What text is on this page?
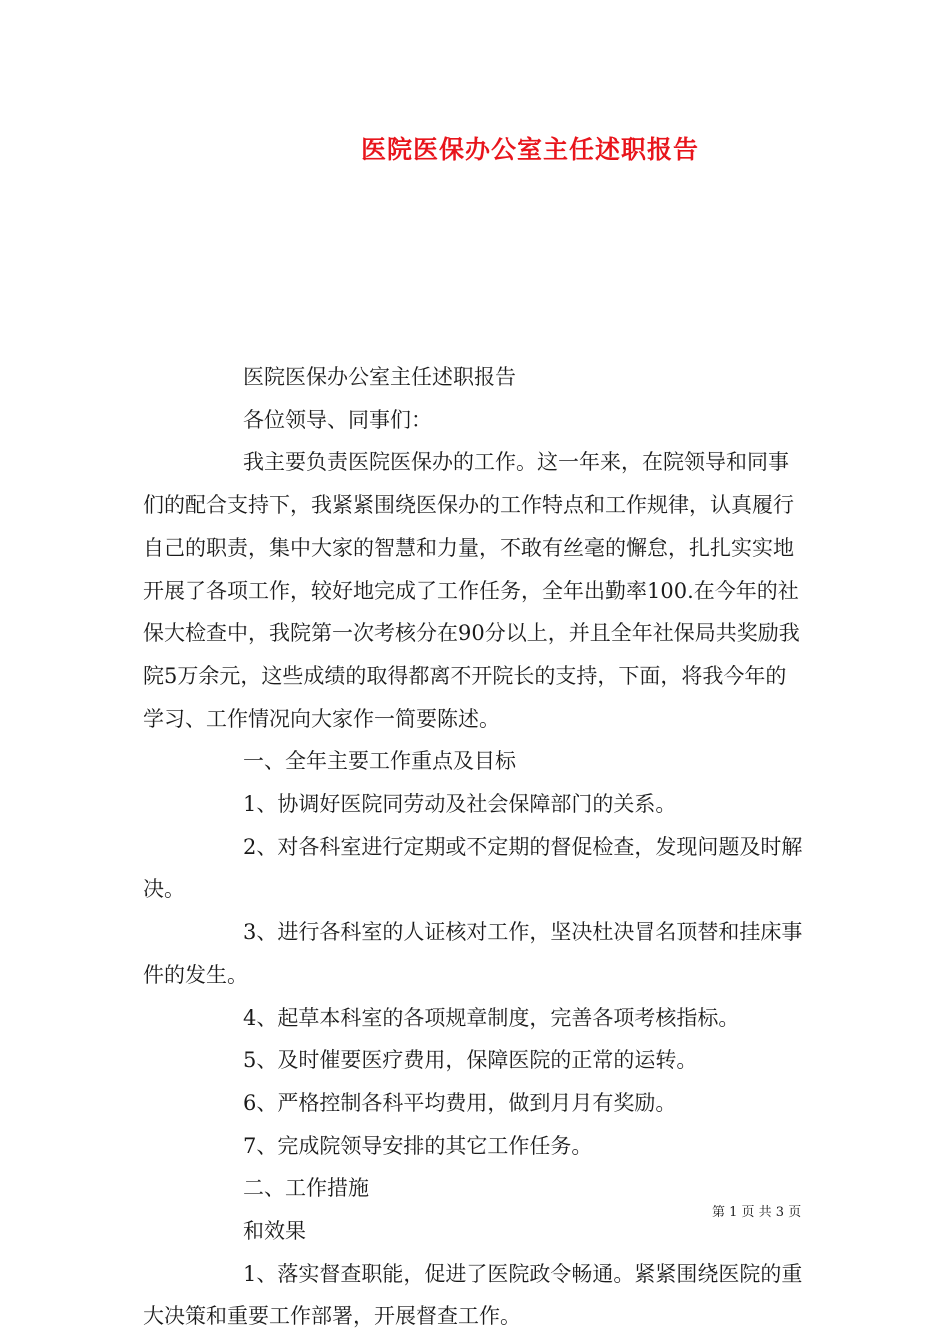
医院医保办公室主任述职报告

医院医保办公室主任述职报告

各位领导、同事们：

我主要负责医院医保办的工作。这一年来，在院领导和同事们的配合支持下，我紧紧围绕医保办的工作特点和工作规律，认真履行自己的职责，集中大家的智慧和力量，不敢有丝毫的懈怠，扎扎实实地开展了各项工作，较好地完成了工作任务，全年出勤率100.在今年的社保大检查中，我院第一次考核分在90分以上，并且全年社保局共奖励我院5万余元，这些成绩的取得都离不开院长的支持，下面，将我今年的学习、工作情况向大家作一简要陈述。

一、全年主要工作重点及目标

1、协调好医院同劳动及社会保障部门的关系。

2、对各科室进行定期或不定期的督促检查，发现问题及时解决。

3、进行各科室的人证核对工作，坚决杜决冒名顶替和挂床事件的发生。

4、起草本科室的各项规章制度，完善各项考核指标。

5、及时催要医疗费用，保障医院的正常的运转。

6、严格控制各科平均费用，做到月月有奖励。

7、完成院领导安排的其它工作任务。

二、工作措施

和效果

1、落实督查职能，促进了医院政令畅通。紧紧围绕医院的重大决策和重要工作部署，开展督查工作。

第 1 页 共 3 页
